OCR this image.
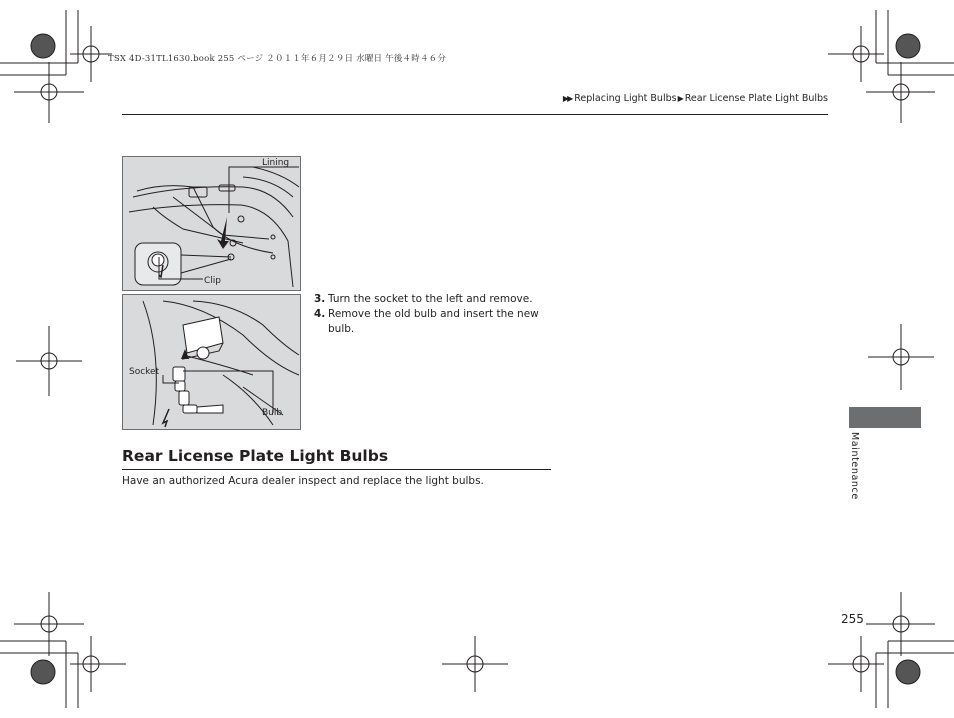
TSX 4D-31TL1630.book 255 ページ ２０１１年６月２９日 水曜日 午後４時４６分
▶▶ Replacing Light Bulbs▶Rear License Plate Light Bulbs
Lining
Clip
Socket
Bulb
3. Turn the socket to the left and remove.
4. Remove the old bulb and insert the new bulb.
Rear License Plate Light Bulbs
Have an authorized Acura dealer inspect and replace the light bulbs.	Maintenance
255
